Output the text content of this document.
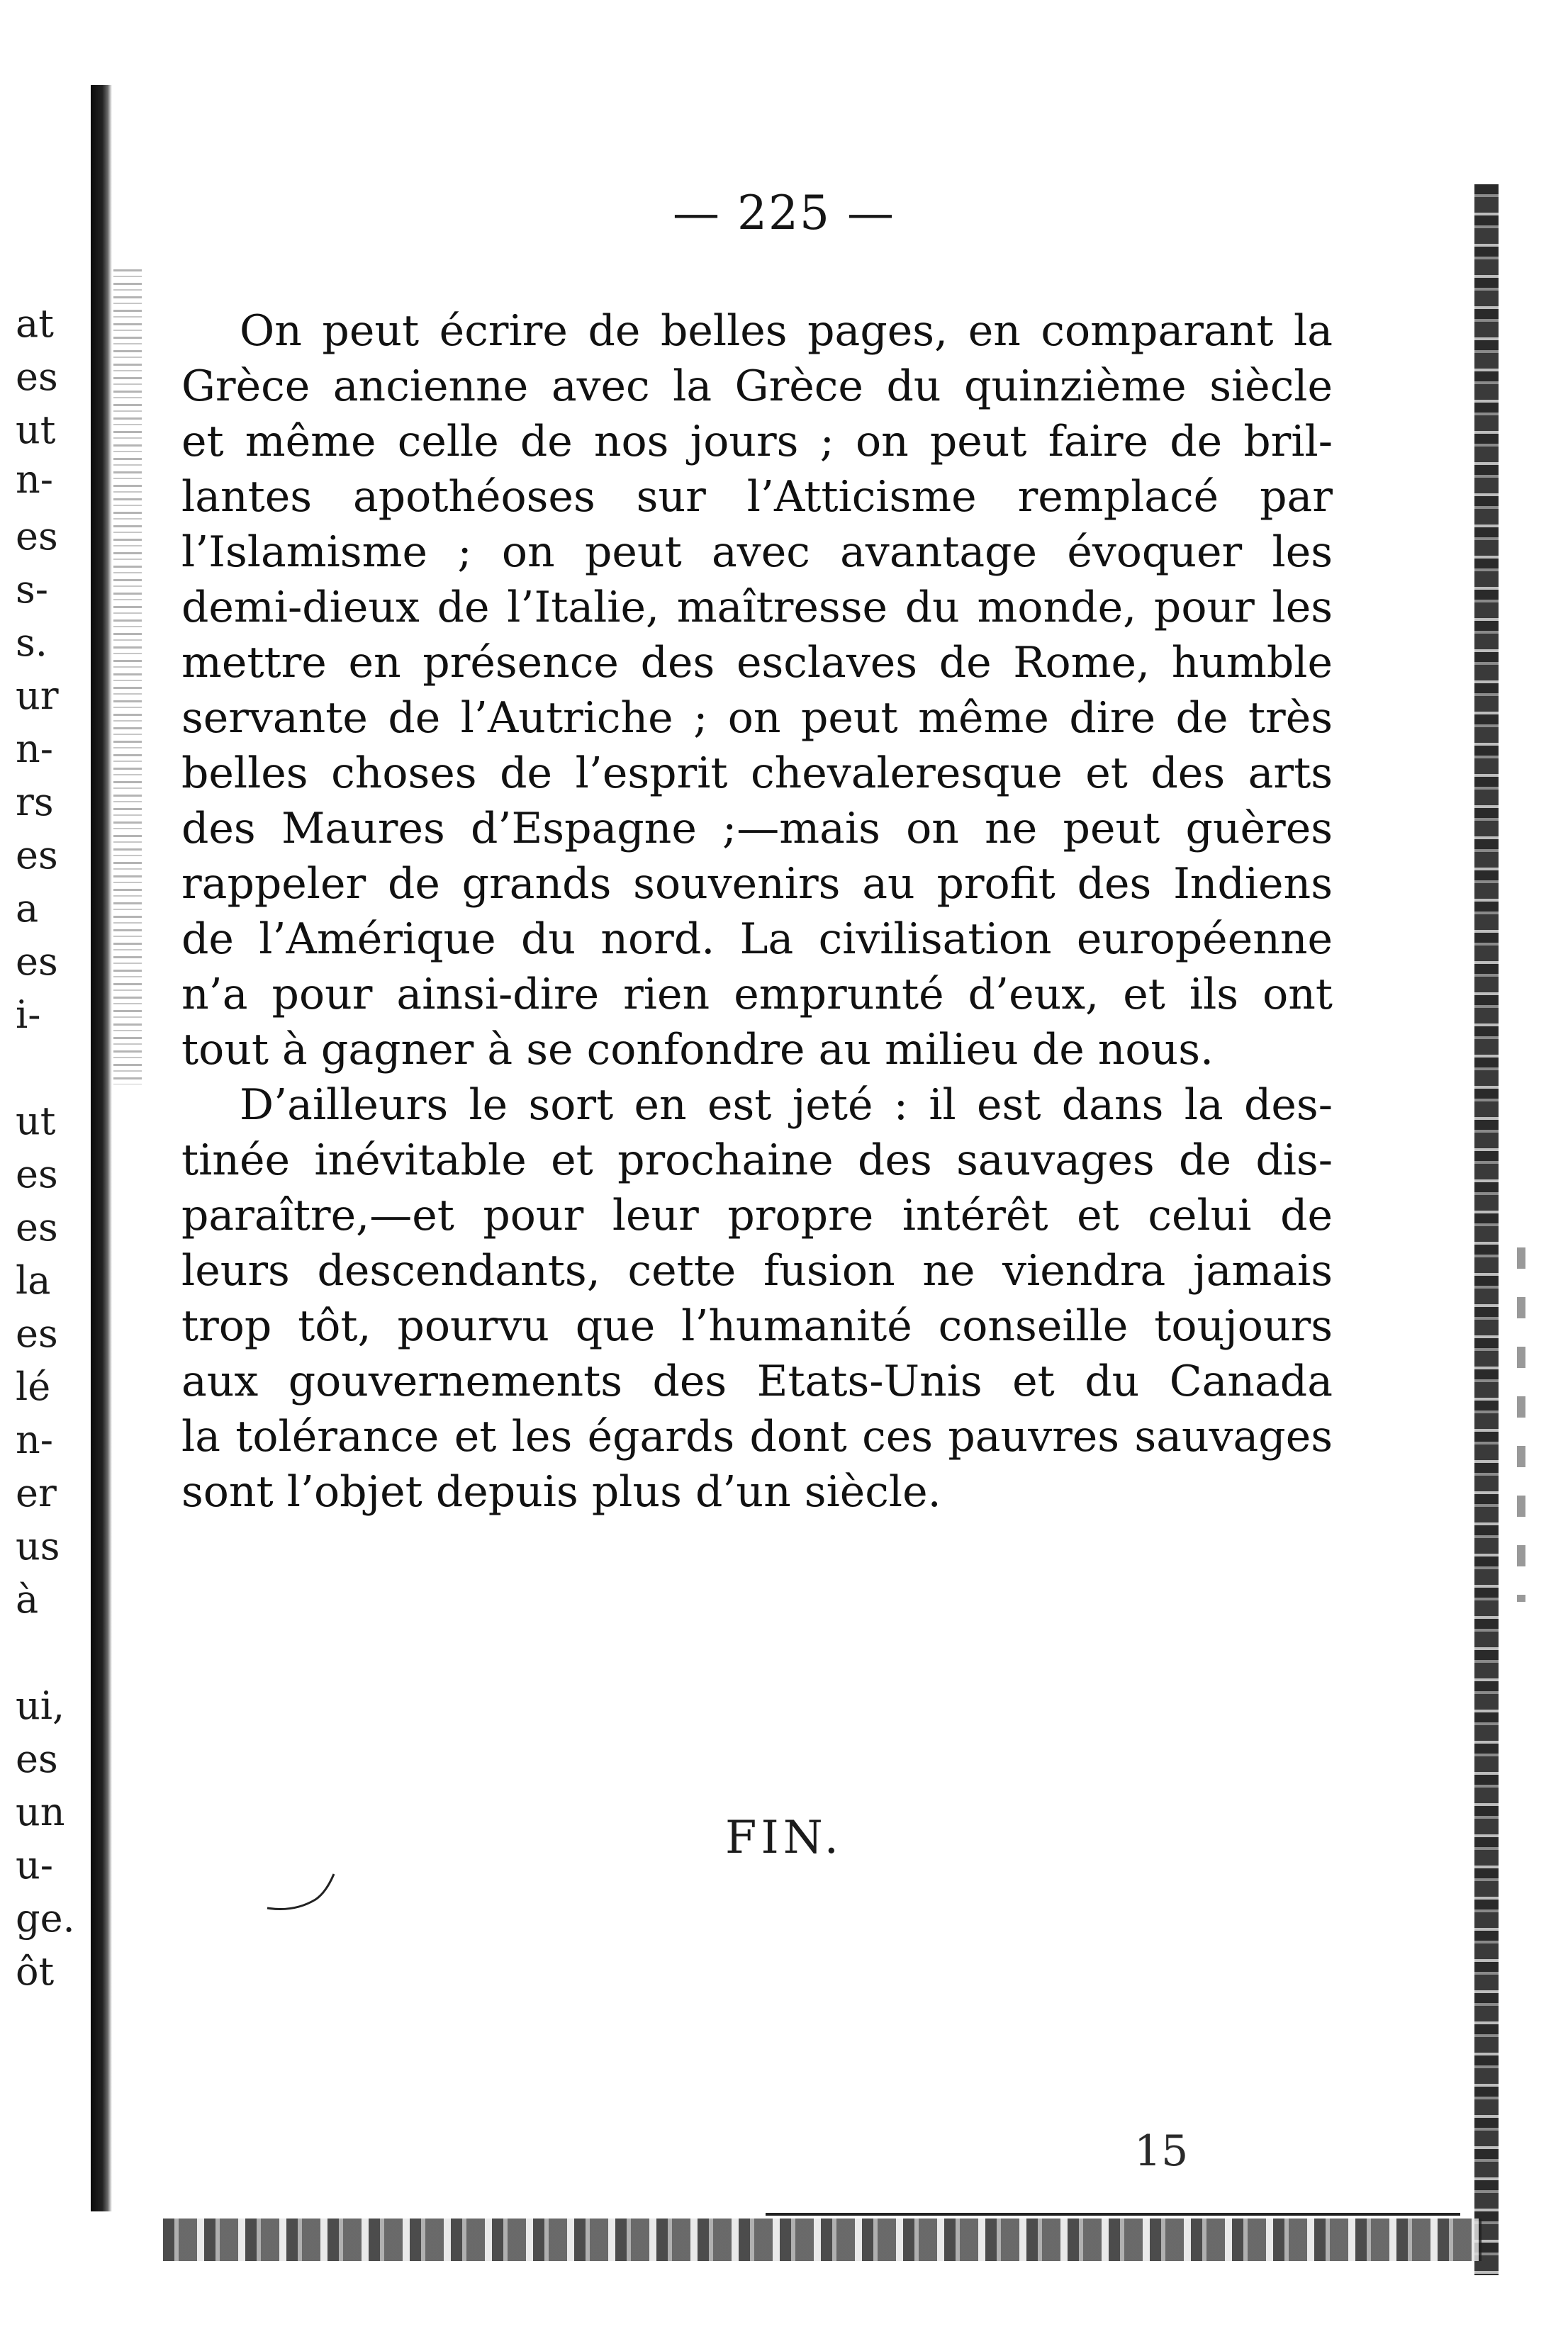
at
es
ut
n-
es
s-
s.
ur
n-
rs
es
a
es
i-
ut
es
es
la
es
lé
n-
er
us
à
ui,
es
un
u-
ge.
ôt
— 225 —
On peut écrire de belles pages, en comparant la
Grèce ancienne avec la Grèce du quinzième siècle
et même celle de nos jours ; on peut faire de bril-
lantes apothéoses sur l’Atticisme remplacé par
l’Islamisme ; on peut avec avantage évoquer les
demi-dieux de l’Italie, maîtresse du monde, pour les
mettre en présence des esclaves de Rome, humble
servante de l’Autriche ; on peut même dire de très
belles choses de l’esprit chevaleresque et des arts
des Maures d’Espagne ;—mais on ne peut guères
rappeler de grands souvenirs au profit des Indiens
de l’Amérique du nord. La civilisation européenne
n’a pour ainsi-dire rien emprunté d’eux, et ils ont
tout à gagner à se confondre au milieu de nous.
D’ailleurs le sort en est jeté : il est dans la des-
tinée inévitable et prochaine des sauvages de dis-
paraître,—et pour leur propre intérêt et celui de
leurs descendants, cette fusion ne viendra jamais
trop tôt, pourvu que l’humanité conseille toujours
aux gouvernements des Etats-Unis et du Canada
la tolérance et les égards dont ces pauvres sauvages
sont l’objet depuis plus d’un siècle.
FIN.
15
